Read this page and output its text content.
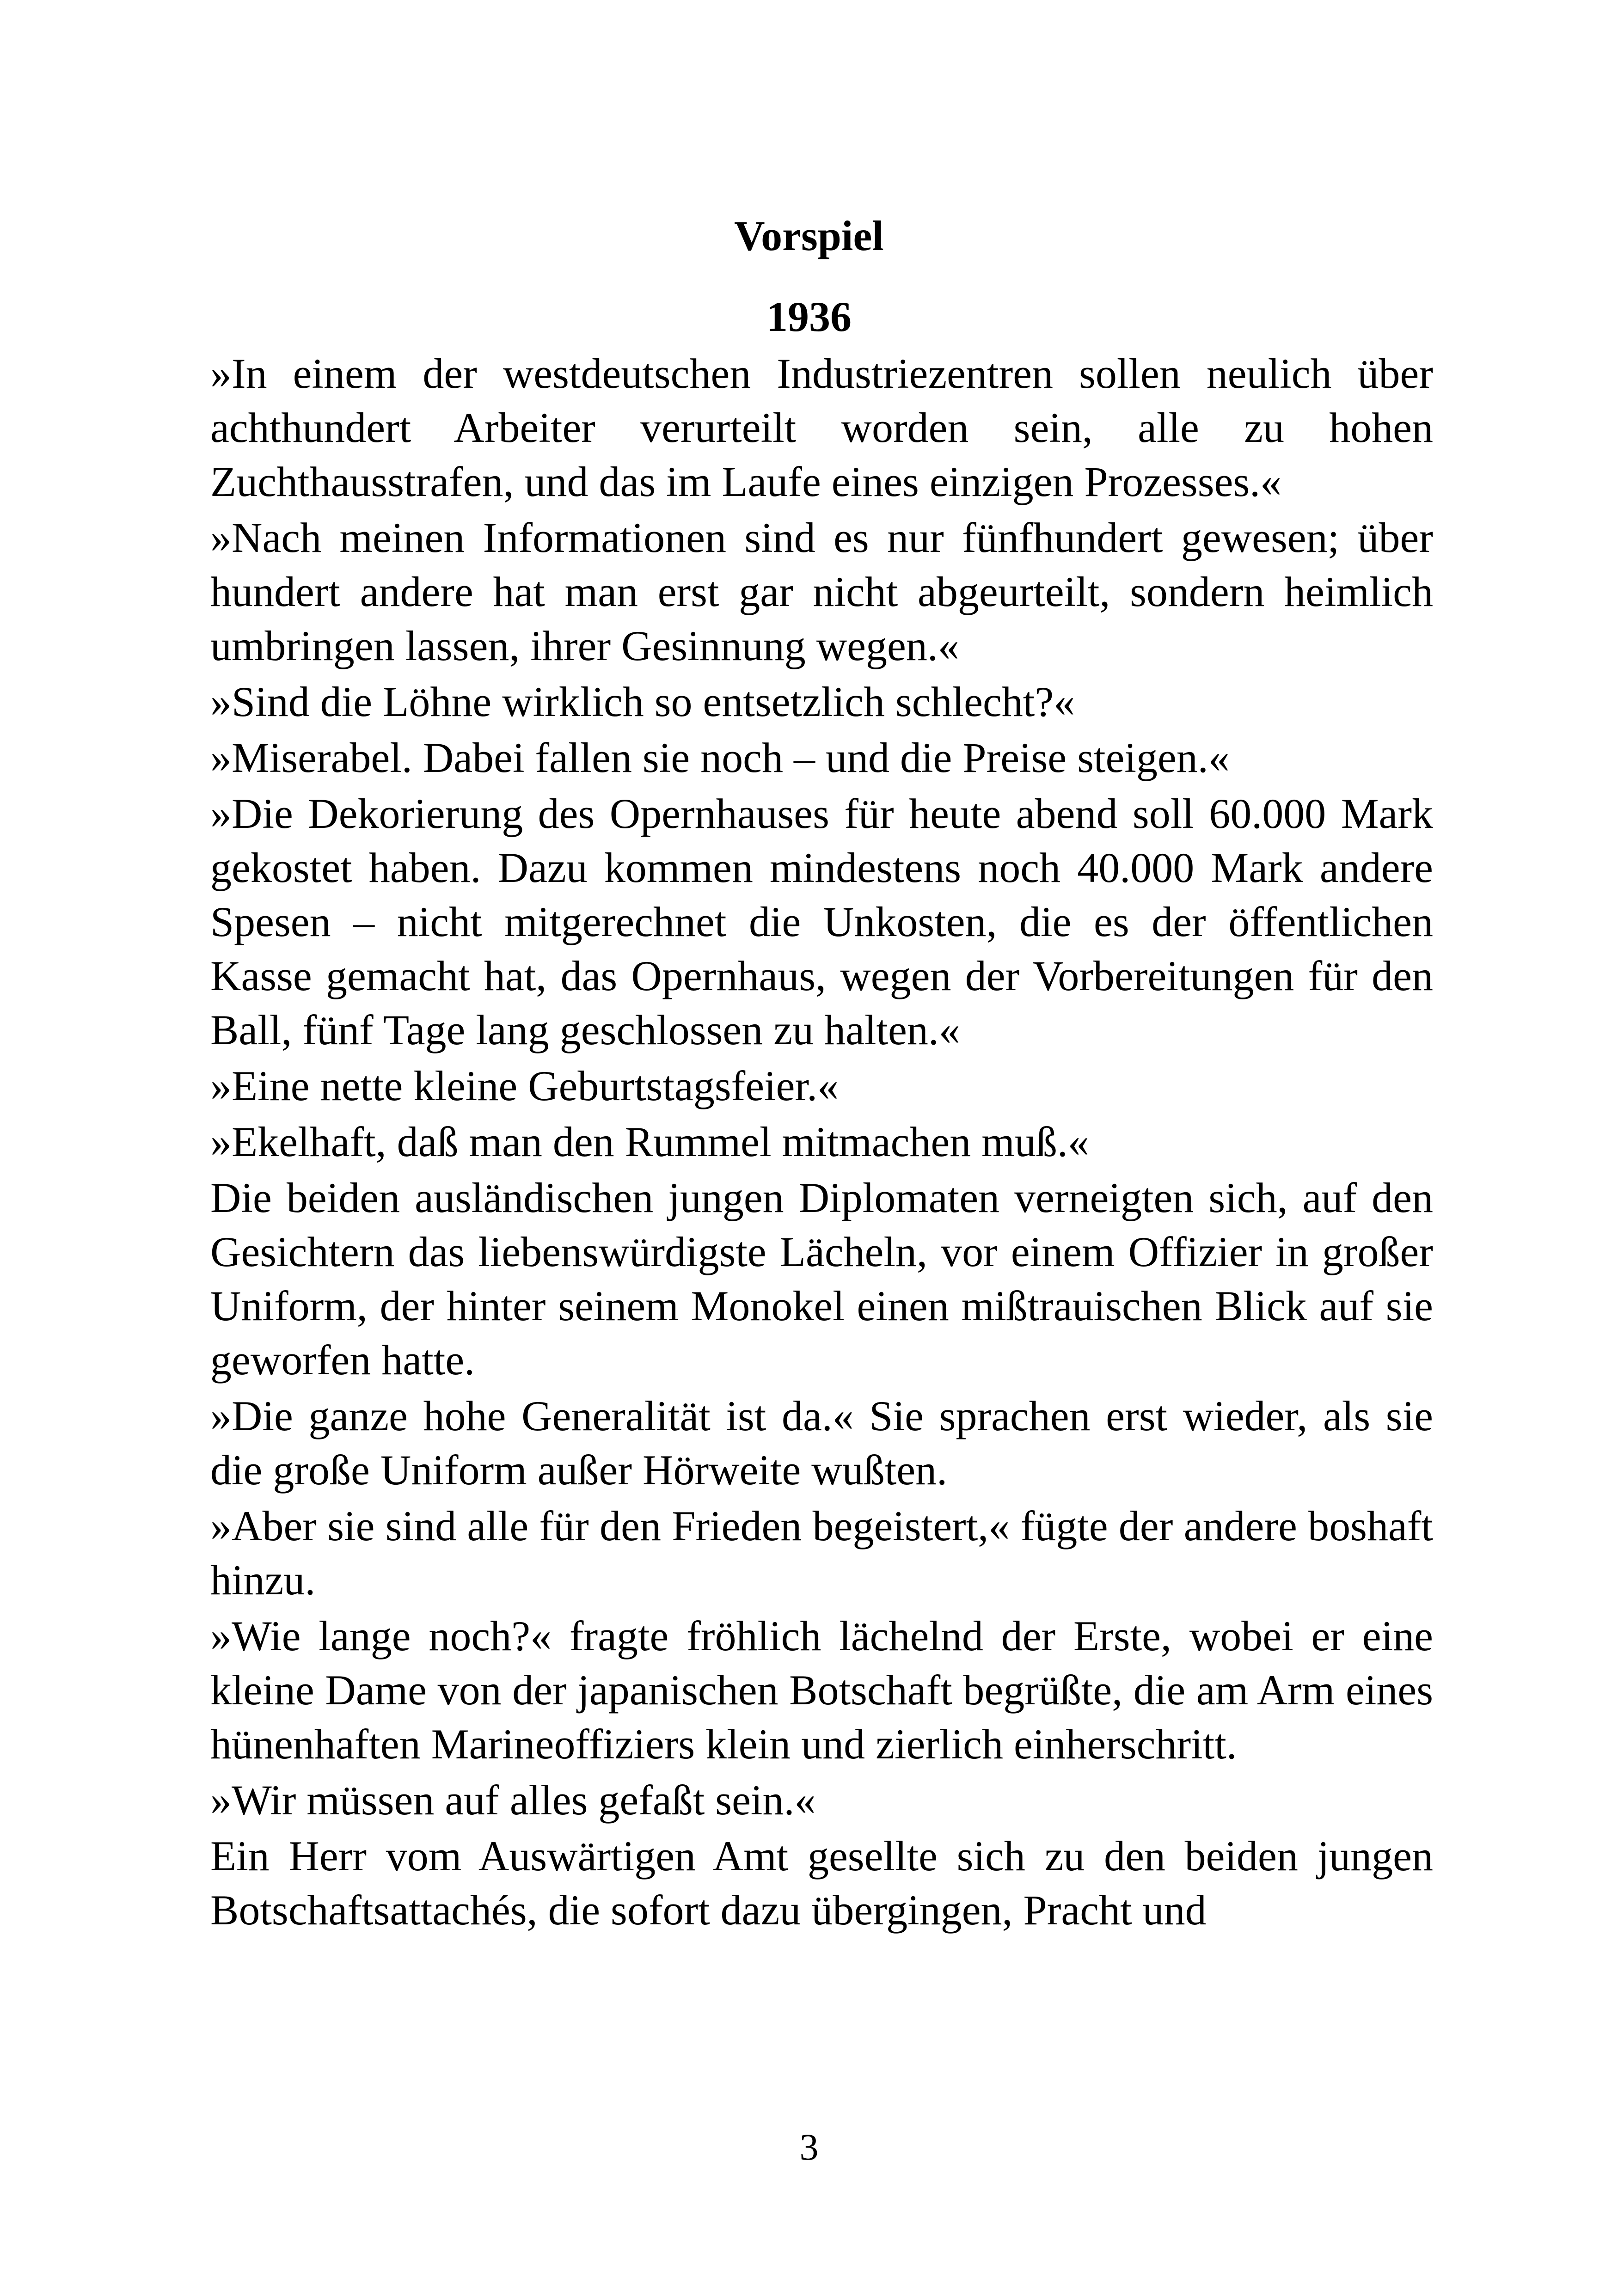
Vorspiel
1936

»In einem der westdeutschen Industriezentren sollen neulich über achthundert Arbeiter verurteilt worden sein, alle zu hohen Zuchthausstrafen, und das im Laufe eines einzigen Prozesses.«

»Nach meinen Informationen sind es nur fünfhundert gewesen; über hundert andere hat man erst gar nicht abgeurteilt, sondern heimlich umbringen lassen, ihrer Gesinnung wegen.«

»Sind die Löhne wirklich so entsetzlich schlecht?«

»Miserabel. Dabei fallen sie noch – und die Preise steigen.«

»Die Dekorierung des Opernhauses für heute abend soll 60.000 Mark gekostet haben. Dazu kommen mindestens noch 40.000 Mark andere Spesen – nicht mitgerechnet die Unkosten, die es der öffentlichen Kasse gemacht hat, das Opernhaus, wegen der Vorbereitungen für den Ball, fünf Tage lang geschlossen zu halten.«

»Eine nette kleine Geburtstagsfeier.«

»Ekelhaft, daß man den Rummel mitmachen muß.«

Die beiden ausländischen jungen Diplomaten verneigten sich, auf den Gesichtern das liebenswürdigste Lächeln, vor einem Offizier in großer Uniform, der hinter seinem Monokel einen mißtrauischen Blick auf sie geworfen hatte.

»Die ganze hohe Generalität ist da.« Sie sprachen erst wieder, als sie die große Uniform außer Hörweite wußten.

»Aber sie sind alle für den Frieden begeistert,« fügte der andere boshaft hinzu.

»Wie lange noch?« fragte fröhlich lächelnd der Erste, wobei er eine kleine Dame von der japanischen Botschaft begrüßte, die am Arm eines hünenhaften Marineoffiziers klein und zierlich einherschritt.

»Wir müssen auf alles gefaßt sein.«

Ein Herr vom Auswärtigen Amt gesellte sich zu den beiden jungen Botschaftsattachés, die sofort dazu übergingen, Pracht und

3
